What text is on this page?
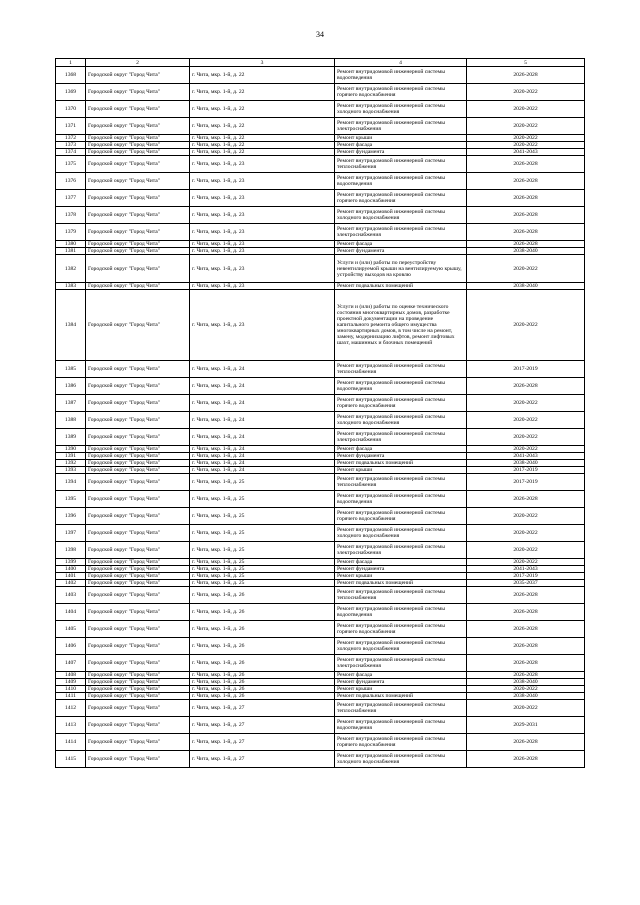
34
1	2	3	4	5
1368	Городской округ "Город Чита"	г. Чита, мкр. 1-й, д. 22	Ремонт внутридомовой инженерной системы водоотведения	2026-2028
1369	Городской округ "Город Чита"	г. Чита, мкр. 1-й, д. 22	Ремонт внутридомовой инженерной системы горячего водоснабжения	2020-2022
1370	Городской округ "Город Чита"	г. Чита, мкр. 1-й, д. 22	Ремонт внутридомовой инженерной системы холодного водоснабжения	2020-2022
1371	Городской округ "Город Чита"	г. Чита, мкр. 1-й, д. 22	Ремонт внутридомовой инженерной системы электроснабжения	2020-2022
1372	Городской округ "Город Чита"	г. Чита, мкр. 1-й, д. 22	Ремонт крыши	2020-2022
1373	Городской округ "Город Чита"	г. Чита, мкр. 1-й, д. 22	Ремонт фасада	2020-2022
1374	Городской округ "Город Чита"	г. Чита, мкр. 1-й, д. 22	Ремонт фундамента	2041-2043
1375	Городской округ "Город Чита"	г. Чита, мкр. 1-й, д. 23	Ремонт внутридомовой инженерной системы теплоснабжения	2026-2028
1376	Городской округ "Город Чита"	г. Чита, мкр. 1-й, д. 23	Ремонт внутридомовой инженерной системы водоотведения	2026-2028
1377	Городской округ "Город Чита"	г. Чита, мкр. 1-й, д. 23	Ремонт внутридомовой инженерной системы горячего водоснабжения	2026-2028
1378	Городской округ "Город Чита"	г. Чита, мкр. 1-й, д. 23	Ремонт внутридомовой инженерной системы холодного водоснабжения	2026-2028
1379	Городской округ "Город Чита"	г. Чита, мкр. 1-й, д. 23	Ремонт внутридомовой инженерной системы электроснабжения	2026-2028
1380	Городской округ "Город Чита"	г. Чита, мкр. 1-й, д. 23	Ремонт фасада	2026-2028
1381	Городской округ "Город Чита"	г. Чита, мкр. 1-й, д. 23	Ремонт фундамента	2038-2040
1382	Городской округ "Город Чита"	г. Чита, мкр. 1-й, д. 23	Услуги и (или) работы по переустройству невентилируемой крыши на вентилируемую крышу, устройству выходов на кровлю	2020-2022
1383	Городской округ "Город Чита"	г. Чита, мкр. 1-й, д. 23	Ремонт подвальных помещений	2038-2040
1384	Городской округ "Город Чита"	г. Чита, мкр. 1-й, д. 23	Услуги и (или) работы по оценке технического состояния многоквартирных домов, разработке проектной документации на проведение капитального ремонта общего имущества многоквартирных домов, в том числе на ремонт, замену, модернизацию лифтов, ремонт лифтовых шахт, машинных и блочных помещений	2020-2022
1385	Городской округ "Город Чита"	г. Чита, мкр. 1-й, д. 24	Ремонт внутридомовой инженерной системы теплоснабжения	2017-2019
1386	Городской округ "Город Чита"	г. Чита, мкр. 1-й, д. 24	Ремонт внутридомовой инженерной системы водоотведения	2026-2028
1387	Городской округ "Город Чита"	г. Чита, мкр. 1-й, д. 24	Ремонт внутридомовой инженерной системы горячего водоснабжения	2020-2022
1388	Городской округ "Город Чита"	г. Чита, мкр. 1-й, д. 24	Ремонт внутридомовой инженерной системы холодного водоснабжения	2020-2022
1389	Городской округ "Город Чита"	г. Чита, мкр. 1-й, д. 24	Ремонт внутридомовой инженерной системы электроснабжения	2020-2022
1390	Городской округ "Город Чита"	г. Чита, мкр. 1-й, д. 24	Ремонт фасада	2020-2022
1391	Городской округ "Город Чита"	г. Чита, мкр. 1-й, д. 24	Ремонт фундамента	2041-2043
1392	Городской округ "Город Чита"	г. Чита, мкр. 1-й, д. 24	Ремонт подвальных помещений	2038-2040
1393	Городской округ "Город Чита"	г. Чита, мкр. 1-й, д. 24	Ремонт крыши	2017-2019
1394	Городской округ "Город Чита"	г. Чита, мкр. 1-й, д. 25	Ремонт внутридомовой инженерной системы теплоснабжения	2017-2019
1395	Городской округ "Город Чита"	г. Чита, мкр. 1-й, д. 25	Ремонт внутридомовой инженерной системы водоотведения	2026-2028
1396	Городской округ "Город Чита"	г. Чита, мкр. 1-й, д. 25	Ремонт внутридомовой инженерной системы горячего водоснабжения	2020-2022
1397	Городской округ "Город Чита"	г. Чита, мкр. 1-й, д. 25	Ремонт внутридомовой инженерной системы холодного водоснабжения	2020-2022
1398	Городской округ "Город Чита"	г. Чита, мкр. 1-й, д. 25	Ремонт внутридомовой инженерной системы электроснабжения	2020-2022
1399	Городской округ "Город Чита"	г. Чита, мкр. 1-й, д. 25	Ремонт фасада	2020-2022
1400	Городской округ "Город Чита"	г. Чита, мкр. 1-й, д. 25	Ремонт фундамента	2041-2043
1401	Городской округ "Город Чита"	г. Чита, мкр. 1-й, д. 25	Ремонт крыши	2017-2019
1402	Городской округ "Город Чита"	г. Чита, мкр. 1-й, д. 25	Ремонт подвальных помещений	2035-2037
1403	Городской округ "Город Чита"	г. Чита, мкр. 1-й, д. 26	Ремонт внутридомовой инженерной системы теплоснабжения	2026-2028
1404	Городской округ "Город Чита"	г. Чита, мкр. 1-й, д. 26	Ремонт внутридомовой инженерной системы водоотведения	2026-2028
1405	Городской округ "Город Чита"	г. Чита, мкр. 1-й, д. 26	Ремонт внутридомовой инженерной системы горячего водоснабжения	2026-2028
1406	Городской округ "Город Чита"	г. Чита, мкр. 1-й, д. 26	Ремонт внутридомовой инженерной системы холодного водоснабжения	2026-2028
1407	Городской округ "Город Чита"	г. Чита, мкр. 1-й, д. 26	Ремонт внутридомовой инженерной системы электроснабжения	2026-2028
1408	Городской округ "Город Чита"	г. Чита, мкр. 1-й, д. 26	Ремонт фасада	2026-2028
1409	Городской округ "Город Чита"	г. Чита, мкр. 1-й, д. 26	Ремонт фундамента	2038-2040
1410	Городской округ "Город Чита"	г. Чита, мкр. 1-й, д. 26	Ремонт крыши	2020-2022
1411	Городской округ "Город Чита"	г. Чита, мкр. 1-й, д. 26	Ремонт подвальных помещений	2038-2040
1412	Городской округ "Город Чита"	г. Чита, мкр. 1-й, д. 27	Ремонт внутридомовой инженерной системы теплоснабжения	2020-2022
1413	Городской округ "Город Чита"	г. Чита, мкр. 1-й, д. 27	Ремонт внутридомовой инженерной системы водоотведения	2029-2031
1414	Городской округ "Город Чита"	г. Чита, мкр. 1-й, д. 27	Ремонт внутридомовой инженерной системы горячего водоснабжения	2026-2028
1415	Городской округ "Город Чита"	г. Чита, мкр. 1-й, д. 27	Ремонт внутридомовой инженерной системы холодного водоснабжения	2026-2028
